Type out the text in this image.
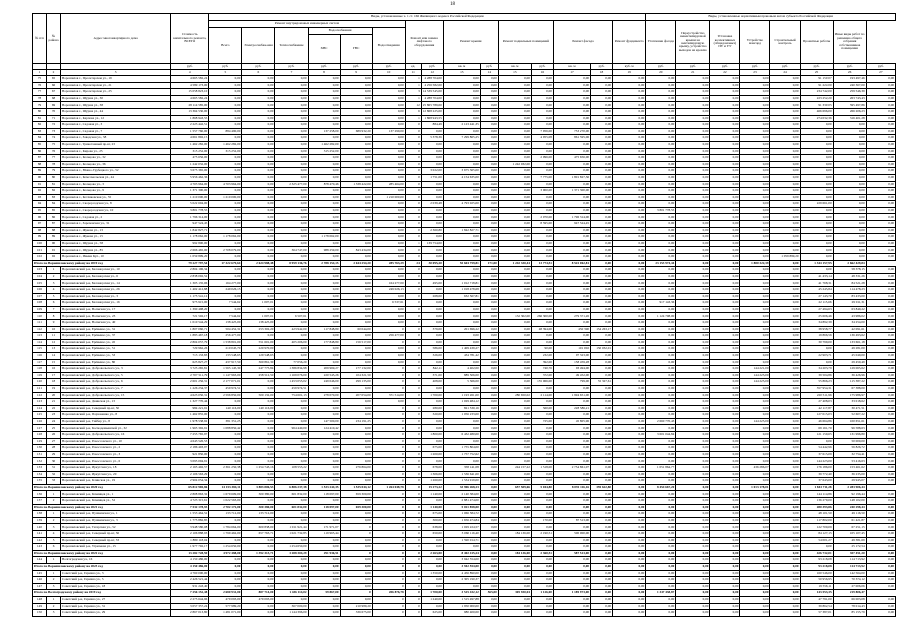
18
№ п/п	№ района	Адрес многоквартирного дома	Стоимость капитального ремонта, ВСЕГО	Виды, установленные ч. 1 ст. 166 Жилищного кодекса Российской Федерации															Виды, установленные нормативным правовым актом субъекта Российской Федерации							
				Ремонт внутридомовых инженерных систем						Ремонт или замена лифтового оборудования		Ремонт крыши		Ремонт подвальных помещений		Ремонт фасада		Ремонт фундамента	Утепление фасада	Переустройство невентилируемой крыши на вентилируемую крышу, устройство выходов на кровлю	Установка коллективных (общедомовых) ПУ и УУ	Устройство мансард	Строительный контроль	Проектные работы	Иные виды работ по решению общего собрания собственников помещения	
				Всего	Электроснабже-ния	Теплоснабжение	Водоснабжения		Водоотведения																	
							ХВС	ГВС																		
			руб.	руб.	руб.	руб.	руб.	руб.	руб.	ед.	руб.	кв. м	руб.	кв. м	руб.	кв. м	руб.	куб. м	руб.	руб.	руб.	руб.	руб.	руб.	руб.	руб.
1	2	3	4	5	6	7	8	9	10	11	12	13	14	15	16	17	18	19	20	21	22	23	24	25	26	27
75	65	Ворошилов г., Пролетарская ул., 19	4 665 582,24	0,00	0,00	0,00	0,00	0,00	0,00	1	4 288 704,00	0,00	0,00	0,00	0,00	0,00	0,00	0,00	0,00	0,00	0,00	0,00	0,00	91 150 07	193 497,46	0,00
76	66	Ворошилов г., Пролетарская ул., 21	4 589 173,00	0,00	0,00	0,00	0,00	0,00	0,00	1	4 256 582,00	0,00	0,00	0,00	0,00	0,00	0,00	0,00	0,00	0,00	0,00	0,00	0,00	91 224 00	240 367,00	0,00
77	67	Ворошилов г., Пролетарская ул., 25	15 058 823,10	0,00	0,00	0,00	0,00	0,00	0,00	3	14 539 545,00	0,00	0,00	0,00	0,00	0,00	0,00	0,00	0,00	0,00	0,00	0,00	0,00	234 742,00	259 546,39	0,00
78	68	Ворошилов г., Шурша ул., 30	4 665 582,24	0,00	0,00	0,00	0,00	0,00	0,00	1	4 288 704,00	0,00	0,00	0,00	0,00	0,00	0,00	0,00	0,00	0,00	0,00	0,00	0,00	223 252,20	263 743,43	0,00
79	69	Ворошилов г., Шурша ул., 38	28 114 585,00	0,00	0,00	0,00	0,00	0,00	0,00	12	25 865 789,00	0,00	0,00	0,00	0,00	0,00	0,00	0,00	0,00	0,00	0,00	0,00	0,00	91 330 05	595 497,86	0,00
80	70	Ворошилов г., Шурша ул., 44	13 364 530,00	0,00	0,00	0,00	0,00	0,00	0,00	6	12 868 225,00	0,00	0,00	0,00	0,00	0,00	0,00	0,00	0,00	0,00	0,00	0,00	0,00	466 696,00	266 206,23	0,00
81	71	Ворошилов г., Карпова ул., 12	1 868 943,55	0,00	0,00	0,00	0,00	0,00	0,00	1	1 868 943,55	0,00	0,00	0,00	0,00	0,00	0,00	0,00	0,00	0,00	0,00	0,00	0,00	274 032,36	316 401,28	0,00
82	72	Ворошилов г., Садовая ул., 3	2 223 442,51	0,00	0,00	0,00	0,00	0,00	0,00	0	884,49	2 123 441,35	0,00	0,00	0,00	0,00	0,00	0,00	0,00	0,00	0,00	0,00	0,00	0,00	0,00	0,00
83	73	Ворошилов г., Садовая ул., 7	1 557 760,00	884 490,00	0,00	0,00	137 258,00	689 932,20	137 299,00	0	0,00	0,00	0,00	0,00	7 956,00	753 270,00	0,00	0,00	0,00	0,00	0,00	0,00	0,00	0,00	0,00	0,00
84	74	Ворошилов г., Заводская ул., 38	4 661 892,15	0,00	0,00	0,00	0,00	0,00	0,00	0	5 378,36	7 299 865,25	0,00	0,00	4 955,08	861 595,06	0,00	0,00	0,00	0,00	0,00	0,00	0,00	0,00	0,00	0,00
85	75	Ворошилов г., Трикотажный пр-кт, 23	1 462 282,00	1 462 282,00	0,00	0,00	1 462 282,00	0,00	0,00	0	0,00	0,00	0,00	0,00	0,00	0,00	0,00	0,00	0,00	0,00	0,00	0,00	0,00	0,00	0,00	0,00
86	76	Ворошилов г., Кирова ул., 25	315 252,00	315 252,00	0,00	0,00	315 252,00	0,00	0,00	0	0,00	0,00	0,00	0,00	0,00	0,00	0,00	0,00	0,00	0,00	0,00	0,00	0,00	0,00	0,00	0,00
87	77	Ворошилов г., Кольцова ул., 32	475 656,00	0,00	0,00	0,00	0,00	0,00	0,00	0	0,00	0,00	0,00	0,00	2 096,00	475 656,00	0,00	0,00	0,00	0,00	0,00	0,00	0,00	0,00	0,00	0,00
88	78	Ворошилов г., Кольцова ул., 36	1 242 032,00	0,00	0,00	0,00	0,00	0,00	0,00	0	0,00	0,00	0,00	1 242 032,00	0,00	0,00	0,00	0,00	0,00	0,00	0,00	0,00	0,00	0,00	0,00	0,00
89	79	Ворошилов г., Южно-Трубецкого ул., 52	3 675 365,00	0,00	0,00	0,00	0,00	0,00	0,00	0	3 022,00	3 675 365,00	0,00	0,00	0,00	0,00	0,00	0,00	0,00	0,00	0,00	0,00	0,00	0,00	0,00	0,00
90	80	Ворошилов г., Комсомольская ул., 44	5 956 462,36	0,00	0,00	0,00	0,00	0,00	0,00	0	1 751,00	4 154 635,00	0,00	0,00	7 775,00	1 801 827,36	0,00	0,00	0,00	0,00	0,00	0,00	0,00	0,00	0,00	0,00
91	81	Ворошилов г., Кольцова ул., 3	4 703 964,00	4 703 964,00	0,00	2 325 477,00	878 470,46	1 338 422,00	285 464,00	0	0,00	0,00	0,00	0,00	0,00	0,00	0,00	0,00	0,00	0,00	0,00	0,00	0,00	0,00	0,00	0,00
92	82	Ворошилов г., Кольцова ул., 9	1 371 300,00	0,00	0,00	0,00	0,00	0,00	0,00	0	0,00	0,00	0,00	0,00	3 900,00	1 371 300,00	0,00	0,00	0,00	0,00	0,00	0,00	0,00	0,00	0,00	0,00
93	83	Ворошилов г., Котляковская ул., 55	1 210 000,00	1 210 000,00	0,00	0,00	0,00	0,00	1 210 000,00	0	0,00	0,00	0,00	0,00	0,00	0,00	0,00	0,00	0,00	0,00	0,00	0,00	0,00	0,00	0,00	0,00
94	84	Ворошилов г., Скорорсодская ул., 8	5 022 694,00	0,00	0,00	0,00	0,00	0,00	0,00	0	2 039,48	4 793 025,00	0,00	0,00	0,00	0,00	0,00	0,00	0,00	0,00	0,00	0,00	0,00	229 661,00	0,00	0,00
95	85	Ворошилов г., Скорорсодская ул., 10	3 801 778,55	0,00	0,00	0,00	0,00	0,00	0,00	0	0,00	0,00	0,00	0,00	0,00	0,00	0,00	0,00	3 801 778,55	0,00	0,00	0,00	0,00	0,00	0,00	0,00
96	86	Ворошилов г., Садовая ул., 2	1 796 314,00	0,00	0,00	0,00	0,00	0,00	0,00	0	0,00	0,00	0,00	0,00	2 070,00	1 796 314,00	0,00	0,00	0,00	0,00	0,00	0,00	0,00	0,00	0,00	0,00
97	87	Ворошилов г., Зареченская ул., 31	947 524,45	0,00	0,00	0,00	0,00	0,00	0,00	0	0,00	0,00	0,00	0,00	8 595,00	947 524,45	0,00	0,00	0,00	0,00	0,00	0,00	0,00	0,00	0,00	0,00
98	88	Ворошилов г., Жукова ул., 13	1 842 827,71	0,00	0,00	0,00	0,00	0,00	0,00	0	2 360,80	1 842 827,71	0,00	0,00	0,00	0,00	0,00	0,00	0,00	0,00	0,00	0,00	0,00	0,00	0,00	0,00
99	89	Ворошилов г., Жукова ул., 15	1 178 062,00	1 178 062,00	0,00	0,00	1 178 062,00	0,00	0,00	0	0,00	0,00	0,00	0,00	0,00	0,00	0,00	0,00	0,00	0,00	0,00	0,00	0,00	0,00	0,00	0,00
100	90	Ворошилов г., Шурша ул., 58	992 800,00	0,00	0,00	0,00	0,00	0,00	0,00	1	139 754,00	0,00	0,00	0,00	0,00	0,00	0,00	0,00	0,00	0,00	0,00	0,00	0,00	0,00	0,00	0,00
101	91	Ворошилов г., Шурша ул., 85	2 666 465,00	2 708 079,00	0,00	364 747,00	988 259,00	843 434,00	0,00	0	0,00	0,00	0,00	0,00	0,00	0,00	0,00	0,00	0,00	0,00	0,00	0,00	0,00	0,00	0,00	0,00
102	92	Ворошилов г., Имени Кул., 10	1 059 899,20	0,00	0,00	0,00	0,00	0,00	0,00	0	0,00	0,00	0,00	0,00	0,00	0,00	0,00	0,00	0,00	0,00	0,00	0,00	1 059 899,20	0,00	0,00	0,00
Итого по Ворошиловскому району на 2019 год			79 227 797,54	17 322 679,64	2 624 988,48	8 959 136,76	2 788 154,15	2 644 254,20	285 763,29	24	30 095,20	55 604 759,81	171,00	1 242 330,44	13 774,51	8 522 062,81	0,00	0,00	23 153 974,44	0,00	0,00	1 880 322,39	0,00	1 344 157,95	2 662 429,84	
103	1	Ворошиловский р-н, Беломорская ул., 10	2 804 196,34	0,00	0,00	0,00	0,00	0,00	0,00	0	0,00	0,00	0,00	0,00	0,00	0,00	0,00	0,00	0,00	0,00	0,00	0,00	0,00	0,00	58 378,15	0,00
104	2	Ворошиловский р-н, Беломорская ул., 6	2 838 092,52	0,00	0,00	0,00	0,00	0,00	0,00	0	0,00	0,00	0,00	0,00	0,00	0,00	0,00	0,00	0,00	0,00	0,00	0,00	0,00	41 433,14	48 331,26	0,00
105	3	Ворошиловский р-н, Беломорская ул., 14	1 305 135,06	164 277,00	0,00	0,00	0,00	0,00	164 277,00	0	495,00	1 012 718,81	0,00	0,00	0,00	0,00	0,00	0,00	0,00	0,00	0,00	0,00	0,00	41 768,31	84 521,28	0,00
106	4	Ворошиловский р-н, Беломорская ул., 26	1 402 412,88	249 026,13	0,00	0,00	0,00	0,00	249 026,13	0	0,00	1 018 478,68	0,00	0,00	0,00	0,00	0,00	0,00	0,00	0,00	0,00	0,00	0,00	45 245,84	114 478,23	0,00
107	5	Ворошиловский р-н, Беломорская ул., 3	1 175 541,12	0,00	0,00	0,00	0,00	0,00	0,00	0	268,00	632 567,81	0,00	0,00	0,00	0,00	0,00	0,00	0,00	0,00	0,00	0,00	0,00	27 143,70	83 433,00	0,00
108	6	Ворошиловский р-н, Беломорская ул., 16	975 915,00	7 544,62	1 007,01	0,00	0,00	0,00	6 537,61	0	0,00	0,00	0,00	0,00	0,00	0,00	0,00	0,00	917 143,36	0,00	0,00	0,00	0,00	22 115,66	29 011,31	0,00
109	7	Ворошиловский р-н, Волжская ул., 17	1 390 498,20	0,00	0,00	0,00	0,00	0,00	0,00	0	0,00	0,00	0,00	0,00	0,00	0,00	0,00	0,00	0,00	0,00	0,00	0,00	0,00	27 494,63	63 849,22	0,00
110	8	Ворошиловский р-н, Волжская ул., 23	721 502,17	7 544,62	1 007,01	6 507,61	0,00	0,00	0,00	0	0,00	0,00	0,00	132 302,00	266 300,00	279 371,26	0,00	0,00	1 124 708,00	0,00	0,00	0,00	0,00	25 606,46	43 986,02	0,00
111	9	Ворошиловский р-н, Волжская ул., 40	1 010 544,29	138 425,00	138 425,00	0,00	0,00	0,00	0,00	0	0,00	0,00	0,00	0,00	0,00	0,00	0,00	0,00	0,00	0,00	0,00	0,00	0,00	34 892,39	34 254,00	0,00
112	10	Ворошиловский р-н, Ерёменко ул., 31	1 807 060,71	504 452,31	253 302,20	423 942,00	117 848,80	60 044,00	0	0	379,00	201 696,22	0,00	0,00	48 394,00	450 390	154 263,17	0,00	0,00	0,00	0,00	0,00	0,00	38 958,77	42 091,61	0,00
113	11	Ворошиловский р-н, Ерёменко ул., 37	1 883 467,18	256 477,00	0,00	0,00	0,00	0,00	256 477,00	0	0,00	0,00	0,00	0,00	0,00	0,00	0,00	0,00	0,00	0,00	0,00	0,00	0,00	19 866,56	136 493,62	0,00
114	12	Ворошиловский р-н, Ерёменко ул., 45	2 804 057,79	1 538 801,00	551 601,00	405 206,00	177 848,80	156 517,00	0	0	0,00	0,00	0,00	0,00	0,00	0,00	0,00	0,00	0,00	0,00	0,00	0,00	0,00	30 799,00	133 661,18	0,00
115	13	Ворошиловский р-н, Ерёменко ул., 51	729 962,26	210 045,70	220 970,00	0,00	0,00	0,00	0,00	0	586,00	1 409 439,27	0,00	0,00	90,00	101 002	150 032,01	0,00	0,00	0,00	0,00	0,00	0,00	0,00	49 281,00	0,00
116	14	Ворошиловский р-н, Ерёменко ул., 53	713 133,83	133 548,63	129 548,63	0,00	0,00	0,00	0,00	0	326,00	434 781,42	0,00	0,00	232,00	97 323,00	0,00	0,00	0,00	0,00	0,00	0,00	0,00	22 903,71	45 049,00	0,00
117	15	Ворошиловский р-н, Ерёменко ул., 80	625 827,27	437 917,50	360 861,30	77 056,20	0,00	0,00	0,00	0	0,00	0,00	0,00	0,00	392,00	158 459,28	0,00	0,00	0,00	0,00	0,00	0,00	0,00	0,00	29 450,49	0,00
118	16	Ворошиловский р-н, Добровольского ул., 3	3 725 265,81	1 565 145,30	247 775,84	1 386 834,98	209 969,27	177 132,00	0	0	842,11	4 402,00	0,00	0,00	740,76	93 494,00	0,00	0,00	0,00	0,00	0,00	144 221,00	0,00	34 203,79	129 065,62	0,00
119	17	Ворошиловский р-н, Добровольского ул., 5	2 707 511,79	1 147 963,00	258 512,50	1 169 076,00	220 545,26	104 321,50	0	0	371,00	889 506,00	0,00	0,00	372,00	49 452,00	0,00	0,00	0,00	0,00	0,00	144 223,00	0,00	39 504,86	36 426,96	0,00
120	18	Ворошиловский р-н, Добровольского ул., 6	2 601 256,31	2 177 071,01	0,00	1 453 053,02	249 046,00	299 135,00	0	0	408,00	5 366,00	0,00	0,00	155 066,00	799,00	55 327,61	0,00	0,00	0,00	0,00	144 223,00	0,00	55 866,23	115 387,22	0,00
121	19	Ворошиловский р-н, Добровольского ул., 7	1 226 234,37	459 974,51	0,00	459 974,51	0,00	0,00	0	0	0,00	0,00	0,00	0,00	0,00	0,00	0,00	0,00	0,00	0,00	0,00	0,00	0,00	357 954,31	67 388,00	0,00
122	20	Ворошиловский р-н, Добровольского ул., 15	4 623 050,31	2 596 850,00	500 132,00	754 601,13	278 070,00	207 054,00	371 514,00	0	1 700,00	1 193 261,00	0,00	280 650,02	2 114,00	1 994 651,00	0,00	0,00	0,00	0,00	0,00	0,00	0,00	220 511,96	175 986,97	0,00
123	21	Ворошиловский р-н, Двинская ул., 13	1 327 770,44	0,00	0,00	0,00	0,00	0,00	0,00	0	0,00	1 029 484,12	0,00	0,00	0,00	0,00	0,00	0,00	0,00	0,00	0,00	0,00	0,00	27 408,03	33 018,62	0,00
124	22	Ворошиловский р-н, Северный пр-кт, 50	984 221,91	140 116,00	140 116,00	0,00	0,00	0,00	0	0	280,00	821 530,16	0,00	0,00	560,00	228 586,21	0,00	0,00	0,00	0,00	0,00	0,00	0,00	42 117,87	30 471,51	0,00
125	23	Ворошиловский р-н, Пархоменко ул., 8	1 462 855,00	0,00	0,00	0,00	0,00	0,00	0	0	320,00	1 056 233,00	0,00	0,00	0,00	0,00	0,00	0,00	0,00	0,00	0,00	0,00	0,00	127 015,03	52 607,22	0,00
126	24	Ворошиловский р-н, Тайбер ул., 8	1 978 538,92	381 351,25	0,00	0,00	147 500,00	234 191,25	0	0	0,00	0,00	0,00	0,00	725,00	45 805,96	0,00	0,00	2 660 770,43	0,00	0,00	144 223,00	0,00	46 664,86	100 651,61	0,00
127	25	Ворошиловский р-н, Космодемьянской ул., 32	1 965 392,91	1 088 850,42	0,00	964 440,00	124 410,42	0,00	0	0	0,00	0,00	0,00	0,00	0,00	0,00	0,00	0,00	0,00	0,00	0,00	0,00	0,00	69 161,70	96 588,63	0,00
128	26	Ворошиловский р-н, Добровольского ул., 16	7 255 765,97	0,00	0,00	0,00	0,00	0,00	0	0	1 800,00	6 432 480,00	0,00	0,00	0,00	0,00	0,00	0,00	3 601 044,84	0,00	0,00	0,00	0,00	121 159,65	131 996,80	0,00
129	27	Ворошиловский р-н, Рокоссовского ул., 10	4 643 526,53	0,00	0,00	0,00	0,00	0,00	0	0	0,00	0,00	0,00	0,00	0,00	0,00	0,00	0,00	0,00	0,00	0,00	0,00	0,00	0,00	50 000,00	0,00
130	28	Ворошиловский р-н, Рокоссовского ул., 2	2 186 493,97	0,00	0,00	0,00	0,00	0,00	0	0	675,00	1 755 804,00	0,00	0,00	0,00	0,00	0,00	0,00	0,00	0,00	0,00	0,00	0,00	54 442,96	56 826,72	0,00
131	29	Ворошиловский р-н, Рокоссовского ул., 3	921 850,00	0,00	0,00	0,00	0,00	0,00	0	0	1 200,00	1 757 752,62	0,00	0,00	0,00	0,00	0,00	0,00	0,00	0,00	0,00	0,00	0,00	37 615,09	32 754,41	0,00
132	30	Ворошиловский р-н, Рокоссовского ул., 6	3 095 094,91	0,00	0,00	0,00	0,00	0,00	0	0	0,00	0,00	0,00	0,00	0,00	0,00	0,00	0,00	0,00	0,00	0,00	0,00	0,00	144 223,00	53 416,63	0,00
133	31	Ворошиловский р-н, Иркутская ул., 18	2 165 492,57	2 361 250,38	1 254 743,16	108 553,22	0,00	276 864,00	0	0	678,00	358 141,08	0,00	244 157,22	1 518,00	2 754 861,07	0,00	0,00	1 051 864,77	0,00	0,00	436 286,07	0,00	176 186,00	153 461,62	0,00
134	32	Ворошиловский р-н, Иркутская ул., 20	2 106 563,29	0,00	0,00	0,00	0,00	0,00	0	0	1 306,00	1 536 641,00	0,00	0,00	0,00	0,00	0,00	0,00	0,00	0,00	0,00	0,00	0,00	39 772,40	36 235,00	0,00
135	33	Ворошиловский р-н, Клинская ул., 19	2 904 054,34	0,00	0,00	0,00	0,00	0,00	0	0	1 260,00	1 534 919,00	0,00	0,00	0,00	0,00	0,00	0,00	0,00	0,00	0,00	0,00	0,00	37 643,00	29 945,07	0,00
Итого по Ворошиловскому району на 2020 год			65 812 969,86	14 153 384,11	3 883 806,53	6 886 237,38	1 533 244,35	1 535 044,12	1 264 048,78	0	15 273,22	33 906 268,23	0,00	657 509,66	5 044,80	8 091 116,16	359 622,80	0,00	8 454 667,20	0,00	0,00	1 013 178,01	0,00	1 843 711,28	2 283 906,44	
136	1	Ворошиловский р-н, Качинцев ул., 1	2 808 863,32	1 679 609,00	300 380,00	601 832,00	118 097,00	659 300,00	0	0	1 140,00	2 140 384,00	0,00	0,00	0,00	0,00	0,00	0,00	0,00	0,00	0,00	0,00	0,00	144 114,86	92 196,44	0,00
137	2	Ворошиловский р-н, Качинцев ул., 52	4 723 315,61	1 022 563,00	0,00	0,00	0,00	0,00	0	0	0,00	2 881 474,00	0,00	0,00	0,00	0,00	0,00	0,00	0,00	0,00	0,00	0,00	0,00	136 279,00	148 102,00	0,00
Итого по Ворошиловскому району на 2021 год			7 532 178,93	2 702 172,00	300 380,00	601 832,00	118 097,00	659 300,00	0	0	1 140,00	5 021 858,00	0,00	0,00	0,00	0,00	0,00	0,00	0,00	0,00	0,00	0,00	0,00	280 393,86	240 298,44	0,00
138	1	Ворошиловский р-н, Пушкинская ул., 1	1 553 464,52	133 712,00	133 712,00	0,00	0,00	0,00	0	0	675,00	1 066 584,72	0,00	0,00	0,00	0,00	0,00	0,00	0,00	0,00	0,00	0,00	0,00	48 101,50	49 116,50	0,00
139	2	Ворошиловский р-н, Пушкинская ул., 3	1 775 882,85	0,00	0,00	0,00	0,00	0,00	0	0	300,00	1 656 474,84	0,00	0,00	170,00	87 513,00	0,00	0,00	0,00	0,00	0,00	0,00	0,00	117 802,00	61 421,87	0,00
140	3	Ворошиловский р-н, Татарская ул., 52	3 948 580,08	1 784 664,00	600 838,00	1 011 921,44	171 971,07	0	0	0	638,00	1 029 224,57	0,00	0,00	0,00	0,00	0,00	0,00	0,00	0,00	0,00	0,00	0,00	122 700,09	67 251,15	0,00
141	4	Ворошиловский р-н, Северный пр-кт, 36	2 106 888,93	1 799 462,00	657 763,71	1 021 732,85	119 965,44	0	0	0	650,00	3 060 116,40	0,00	184 136,00	2 190,51	500 000,00	0,00	0,00	0,00	0,00	0,00	0,00	0,00	84 127,15	105 107,45	0,00
142	5	Ворошиловский р-н, Северный пр-кт, 33	1 880 118,04	0,00	0,00	0,00	0,00	0,00	0	0	0,00	1 590 014,71	0,00	0,00	0,00	0,00	0,00	0,00	0,00	0,00	0,00	0,00	0,00	54 001,27	49 381,69	0,00
143	6	Ворошиловский р-н, Угрюмова ул., 15	1 977 792,17	1 254 650,00	0,00	1 254 650,00	0,00	0,00	0	0	0,00	0,00	0,00	0,00	0,00	0,00	0,00	0,00	0,00	0,00	0,00	0,00	0,00	0,00	25 172,54	0,00
Итого по Ворошиловскому району на 2022 год			13 282 728,59	4 972 488,00	1 392 313,71	3 288 304,29	291 936,51	0	0	0	2 263,00	8 402 415,24	0,00	184 136,00	2 360,51	587 513,00	0,00	0,00	0,00	0,00	0,00	0,00	0,00	426 732,01	357 451,20	0,00
144	1	Волгоградская ул., 16	4 150 486,00	0,00	0,00	0,00	0,00	0,00	0	0	0,00	3 942 554,00	0,00	0,00	0,00	0,00	0,00	0,00	0,00	0,00	0,00	0,00	0,00	93 218,08	114 713,92	0,00
Итого по Ворошиловскому району на 2023 год			4 150 486,00	0,00	0,00	0,00	0,00	0,00	0	0	0,00	3 942 554,00	0,00	0,00	0,00	0,00	0,00	0,00	0,00	0,00	0,00	0,00	0,00	93 218,08	114 713,92	0,00
145	1	Советский р-н, Германа ул., 3	4 760 000,00	0,00	0,00	0,00	0,00	0,00	0	0	1 350,00	4 456 890,00	0,00	0,00	0,00	0,00	0,00	0,00	0,00	0,00	0,00	0,00	0,00	160 546,00	142 564,00	0,00
146	2	Советский р-н, Германа ул., 5	2 426 521,44	0,00	0,00	0,00	0,00	0,00	0	0	0,00	2 305 190,37	0,00	0,00	0,00	0,00	0,00	0,00	0,00	0,00	0,00	0,00	0,00	50 956,95	70 374,12	0,00
147	3	Советский р-н, Германа ул., 18	931 243,40	0,00	0,00	0,00	0,00	0,00	0	0	0,00	0,00	0,00	0,00	0,00	0,00	0,00	0,00	0,00	0,00	0,00	0,00	0,00	19 556,11	27 006,06	0,00
Итого по Волгоградскому району на 2019 год			7 256 152,48	2 680 931,00	887 714,00	1 436 114,02	59 867,00	0	206 876,78	0	1 700,00	3 515 432,12	565,00	305 930,04	1 126,00	1 189 973,00	0,00	0,00	1 347 438,87	0,00	0,00	0,00	0,00	143 553,35	219 806,47	
148	1	Советский р-н, Германа ул., 27	2 275 644,96	479 093,00	479 093,00	0,00	0,00	0,00	0	0	1 240,00	1 515 497,88	0,00	0,00	0,00	0,00	0,00	0,00	0,00	0,00	0,00	0,00	0,00	47 791,00	66 003,08	0,00
149	2	Советский р-н, Германа ул., 31	3 057 357,24	577 989,20	0,00	367 000,00	0,00	210 989,20	0	0	0,00	1 950 000,00	0,00	0,00	0,00	0,00	0,00	0,00	0,00	0,00	0,00	0,00	0,00	39 862,54	78 014,43	0,00
150	3	Советский р-н, Германа ул., 29	2 867 013,80	1 481 071,00	0,00	1 144 396,00	0,00	336 675,00	0	0	625,00	980 400,00	0,00	0,00	0,00	0,00	0,00	0,00	0,00	0,00	0,00	0,00	0,00	57 387,01	85 155,79	0,00
